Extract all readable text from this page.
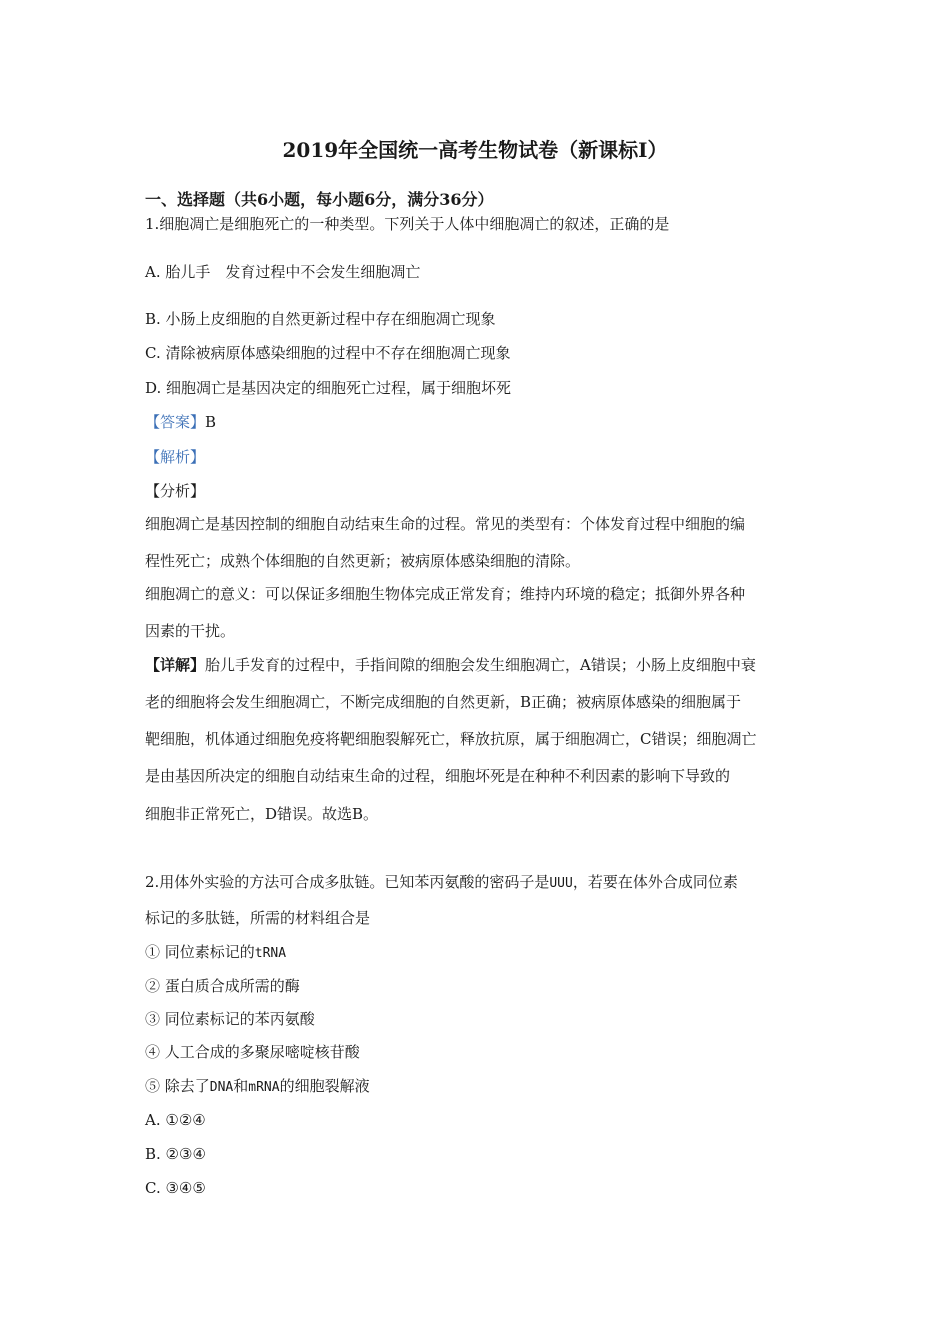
2019年全国统一高考生物试卷（新课标Ⅰ）
一、选择题（共6小题，每小题6分，满分36分）
1.细胞凋亡是细胞死亡的一种类型。下列关于人体中细胞凋亡的叙述，正确的是
A. 胎儿手　发育过程中不会发生细胞凋亡
B. 小肠上皮细胞的自然更新过程中存在细胞凋亡现象
C. 清除被病原体感染细胞的过程中不存在细胞凋亡现象
D. 细胞凋亡是基因决定的细胞死亡过程，属于细胞坏死
【答案】B
【解析】
【分析】
细胞凋亡是基因控制的细胞自动结束生命的过程。常见的类型有：个体发育过程中细胞的编
程性死亡；成熟个体细胞的自然更新；被病原体感染细胞的清除。
细胞凋亡的意义：可以保证多细胞生物体完成正常发育；维持内环境的稳定；抵御外界各种
因素的干扰。
【详解】胎儿手发育的过程中，手指间隙的细胞会发生细胞凋亡，A错误；小肠上皮细胞中衰
老的细胞将会发生细胞凋亡，不断完成细胞的自然更新，B正确；被病原体感染的细胞属于
靶细胞，机体通过细胞免疫将靶细胞裂解死亡，释放抗原，属于细胞凋亡，C错误；细胞凋亡
是由基因所决定的细胞自动结束生命的过程，细胞坏死是在种种不利因素的影响下导致的
细胞非正常死亡，D错误。故选B。
2.用体外实验的方法可合成多肽链。已知苯丙氨酸的密码子是UUU，若要在体外合成同位素
标记的多肽链，所需的材料组合是
① 同位素标记的tRNA
② 蛋白质合成所需的酶
③ 同位素标记的苯丙氨酸
④ 人工合成的多聚尿嘧啶核苷酸
⑤ 除去了DNA和mRNA的细胞裂解液
A. ①②④
B. ②③④
C. ③④⑤
